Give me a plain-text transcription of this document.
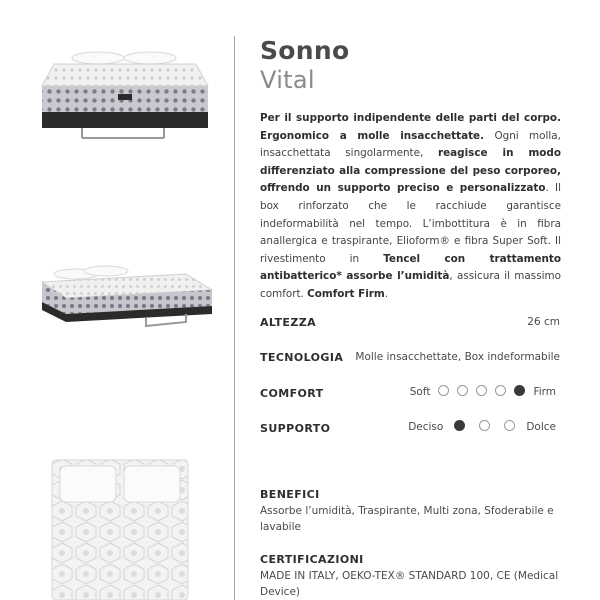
Sonno
Vital
Per il supporto indipendente delle parti del corpo. Ergonomico a molle insacchettate. Ogni molla, insacchettata singolarmente, reagisce in modo differenziato alla compressione del peso corporeo, offrendo un supporto preciso e personalizzato. Il box rinforzato che le racchiude garantisce indeformabilità nel tempo. L’imbottitura è in fibra anallergica e traspirante, Elioform® e fibra Super Soft. Il rivestimento in Tencel con trattamento antibatterico* assorbe l’umidità, assicura il massimo comfort. Comfort Firm.
ALTEZZA	26 cm
TECNOLOGIA Molle insacchettate, Box indeformabile
COMFORT	Soft	Firm
SUPPORTO	Deciso	Dolce
BENEFICI
Assorbe l’umidità, Traspirante, Multi zona, Sfoderabile e lavabile
CERTIFICAZIONI
MADE IN ITALY, OEKO-TEX® STANDARD 100, CE (Medical Device)
